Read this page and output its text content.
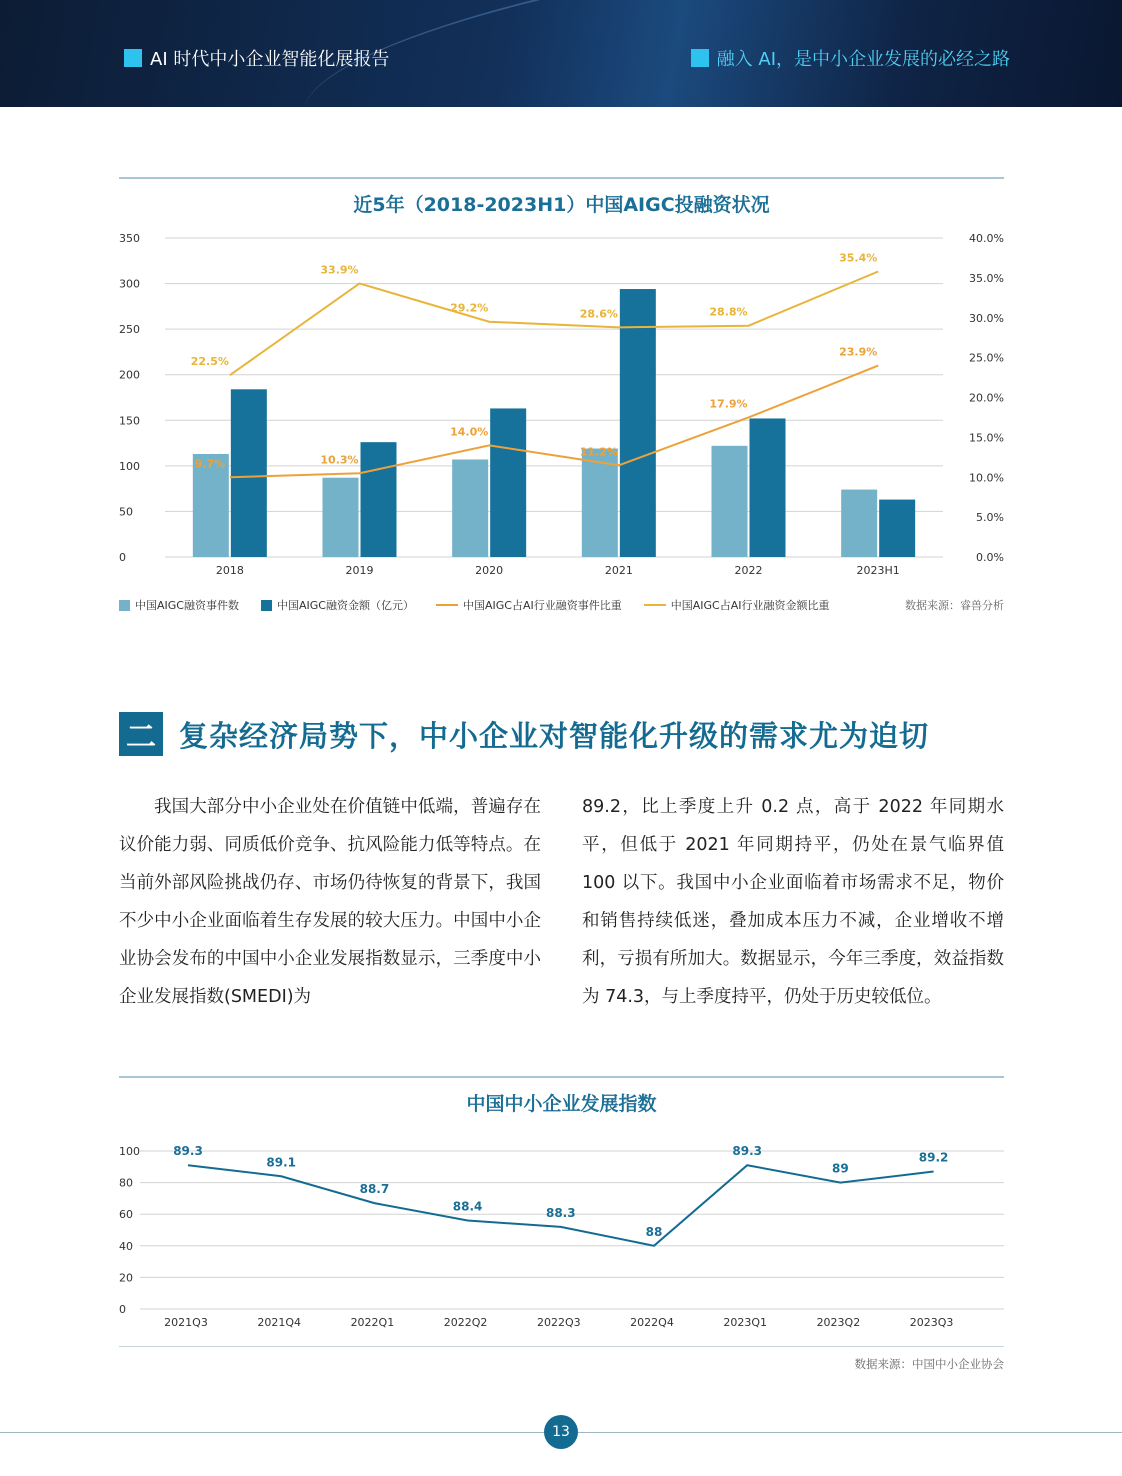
AI 时代中小企业智能化展报告	融入 AI，是中小企业发展的必经之路
近5年（2018-2023H1）中国AIGC投融资状况
0
50
100
150
200
250
300
350
0.0%
5.0%
10.0%
15.0%
20.0%
25.0%
30.0%
35.0%
40.0%
2018	2019	2020	2021	2022	2023H1
9.7%	10.3%
14.0%
11.2%
17.9%
23.9%
22.5%
33.9%
29.2%	28.6%	28.8%
35.4%
中国AIGC融资事件数	中国AIGC融资金额（亿元）	中国AIGC占AI行业融资事件比重	中国AIGC占AI行业融资金额比重	数据来源：睿兽分析
二 复杂经济局势下，中小企业对智能化升级的需求尤为迫切
我国大部分中小企业处在价值链中低端，普遍存在议价能力弱、同质低价竞争、抗风险能力低等特点。在当前外部风险挑战仍存、市场仍待恢复的背景下，我国不少中小企业面临着生存发展的较大压力。中国中小企业协会发布的中国中小企业发展指数显示，三季度中小企业发展指数(SMEDI)为
89.2，比上季度上升 0.2 点，高于 2022 年同期水平，但低于 2021 年同期持平，仍处在景气临界值 100 以下。我国中小企业面临着市场需求不足，物价和销售持续低迷，叠加成本压力不减，企业增收不增利，亏损有所加大。数据显示，今年三季度，效益指数为 74.3，与上季度持平，仍处于历史较低位。
中国中小企业发展指数
0
20
40
60
80
100
2021Q3	2021Q4	2022Q1	2022Q2	2022Q3	2022Q4	2023Q1	2023Q2	2023Q3
89.3
89.1
88.7
88.4	88.3
88
89.3
89
89.2
数据来源：中国中小企业协会
13
